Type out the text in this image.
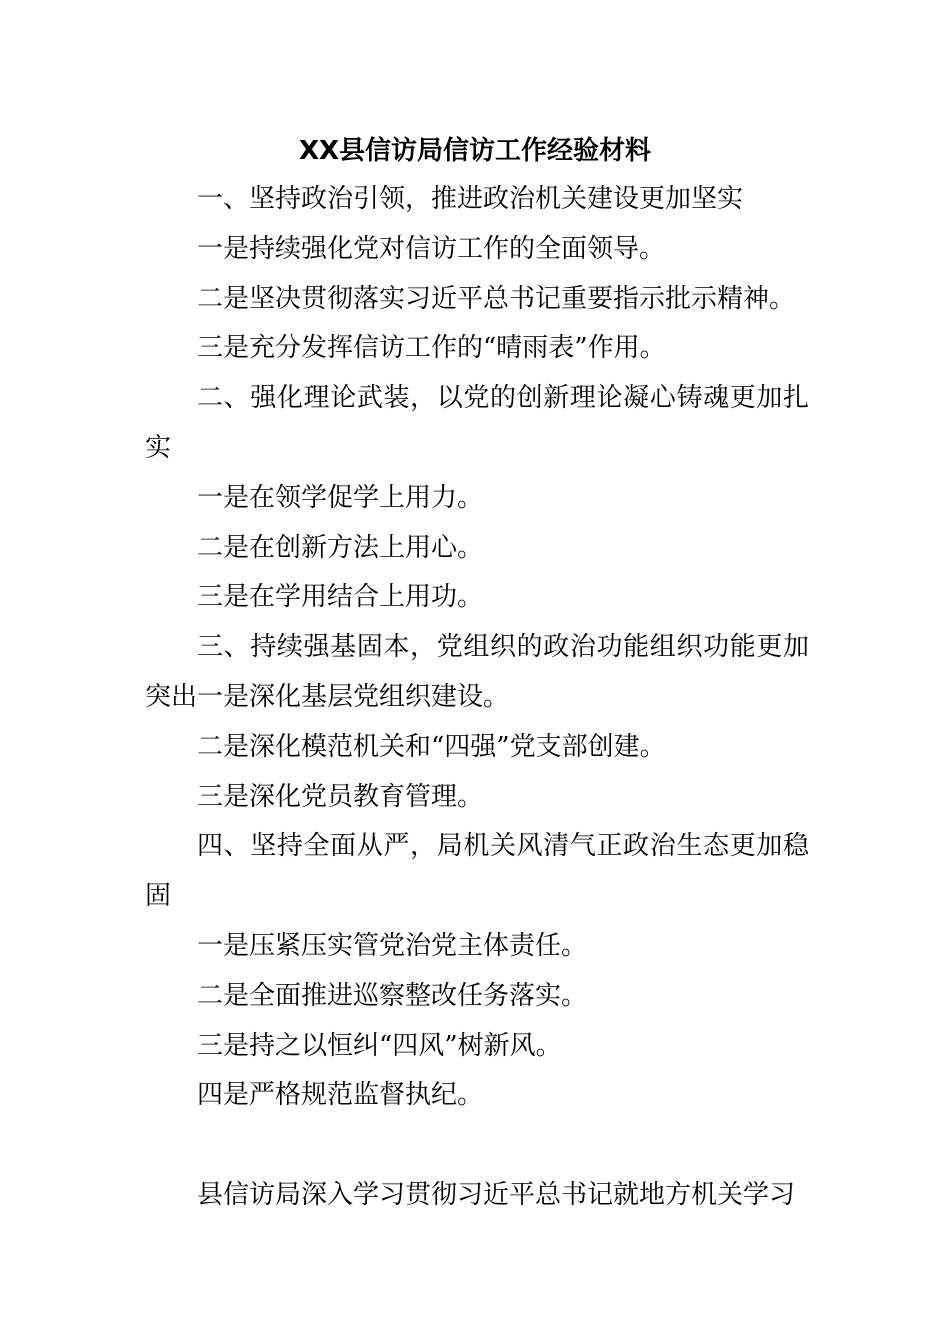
XX县信访局信访工作经验材料

一、坚持政治引领，推进政治机关建设更加坚实

一是持续强化党对信访工作的全面领导。

二是坚决贯彻落实习近平总书记重要指示批示精神。

三是充分发挥信访工作的“晴雨表”作用。

二、强化理论武装，以党的创新理论凝心铸魂更加扎实

一是在领学促学上用力。

二是在创新方法上用心。

三是在学用结合上用功。

三、持续强基固本，党组织的政治功能组织功能更加突出一是深化基层党组织建设。

二是深化模范机关和“四强”党支部创建。

三是深化党员教育管理。

四、坚持全面从严，局机关风清气正政治生态更加稳固

一是压紧压实管党治党主体责任。

二是全面推进巡察整改任务落实。

三是持之以恒纠“四风”树新风。

四是严格规范监督执纪。

县信访局深入学习贯彻习近平总书记就地方机关学习
